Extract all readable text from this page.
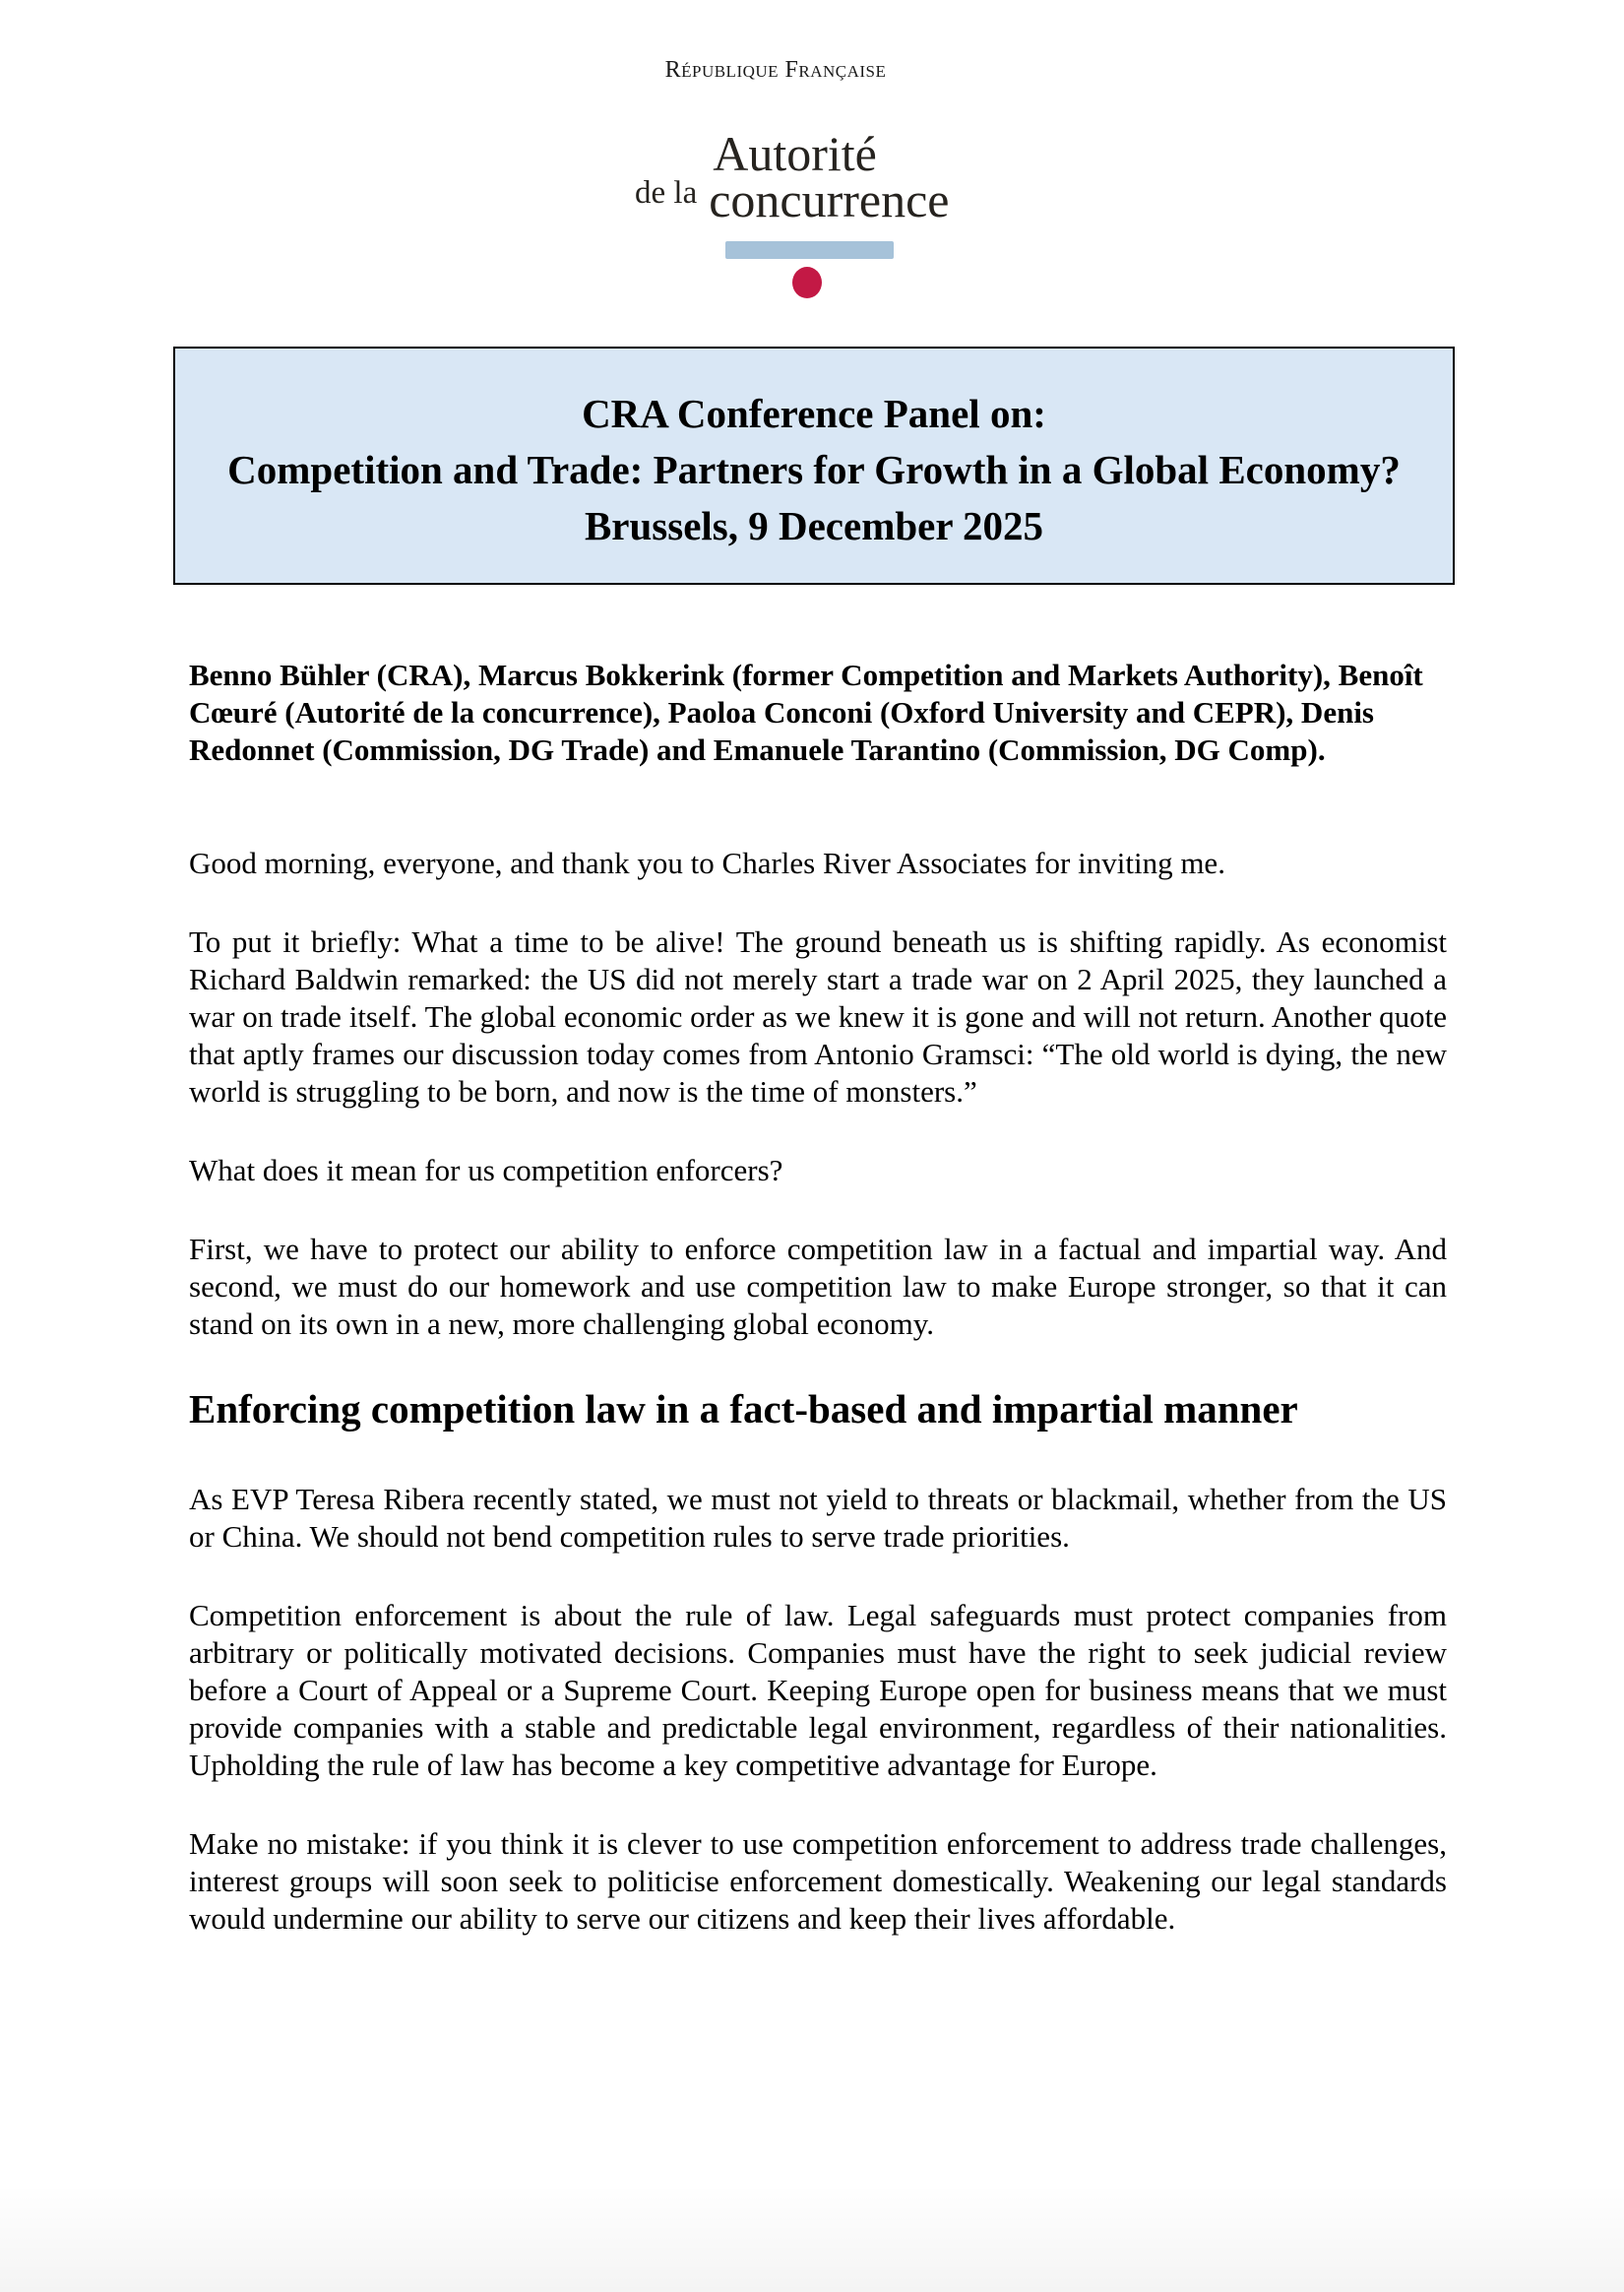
République Française
de la
Autorité
concurrence
CRA Conference Panel on:
Competition and Trade: Partners for Growth in a Global Economy?
Brussels, 9 December 2025

Benno Bühler (CRA), Marcus Bokkerink (former Competition and Markets Authority), Benoît Cœuré (Autorité de la concurrence), Paoloa Conconi (Oxford University and CEPR), Denis Redonnet (Commission, DG Trade) and Emanuele Tarantino (Commission, DG Comp).

Good morning, everyone, and thank you to Charles River Associates for inviting me.

To put it briefly: What a time to be alive! The ground beneath us is shifting rapidly. As economist Richard Baldwin remarked: the US did not merely start a trade war on 2 April 2025, they launched a war on trade itself. The global economic order as we knew it is gone and will not return. Another quote that aptly frames our discussion today comes from Antonio Gramsci: “The old world is dying, the new world is struggling to be born, and now is the time of monsters.”

What does it mean for us competition enforcers?

First, we have to protect our ability to enforce competition law in a factual and impartial way. And second, we must do our homework and use competition law to make Europe stronger, so that it can stand on its own in a new, more challenging global economy.

Enforcing competition law in a fact-based and impartial manner

As EVP Teresa Ribera recently stated, we must not yield to threats or blackmail, whether from the US or China. We should not bend competition rules to serve trade priorities.

Competition enforcement is about the rule of law. Legal safeguards must protect companies from arbitrary or politically motivated decisions. Companies must have the right to seek judicial review before a Court of Appeal or a Supreme Court. Keeping Europe open for business means that we must provide companies with a stable and predictable legal environment, regardless of their nationalities. Upholding the rule of law has become a key competitive advantage for Europe.

Make no mistake: if you think it is clever to use competition enforcement to address trade challenges, interest groups will soon seek to politicise enforcement domestically. Weakening our legal standards would undermine our ability to serve our citizens and keep their lives affordable.
